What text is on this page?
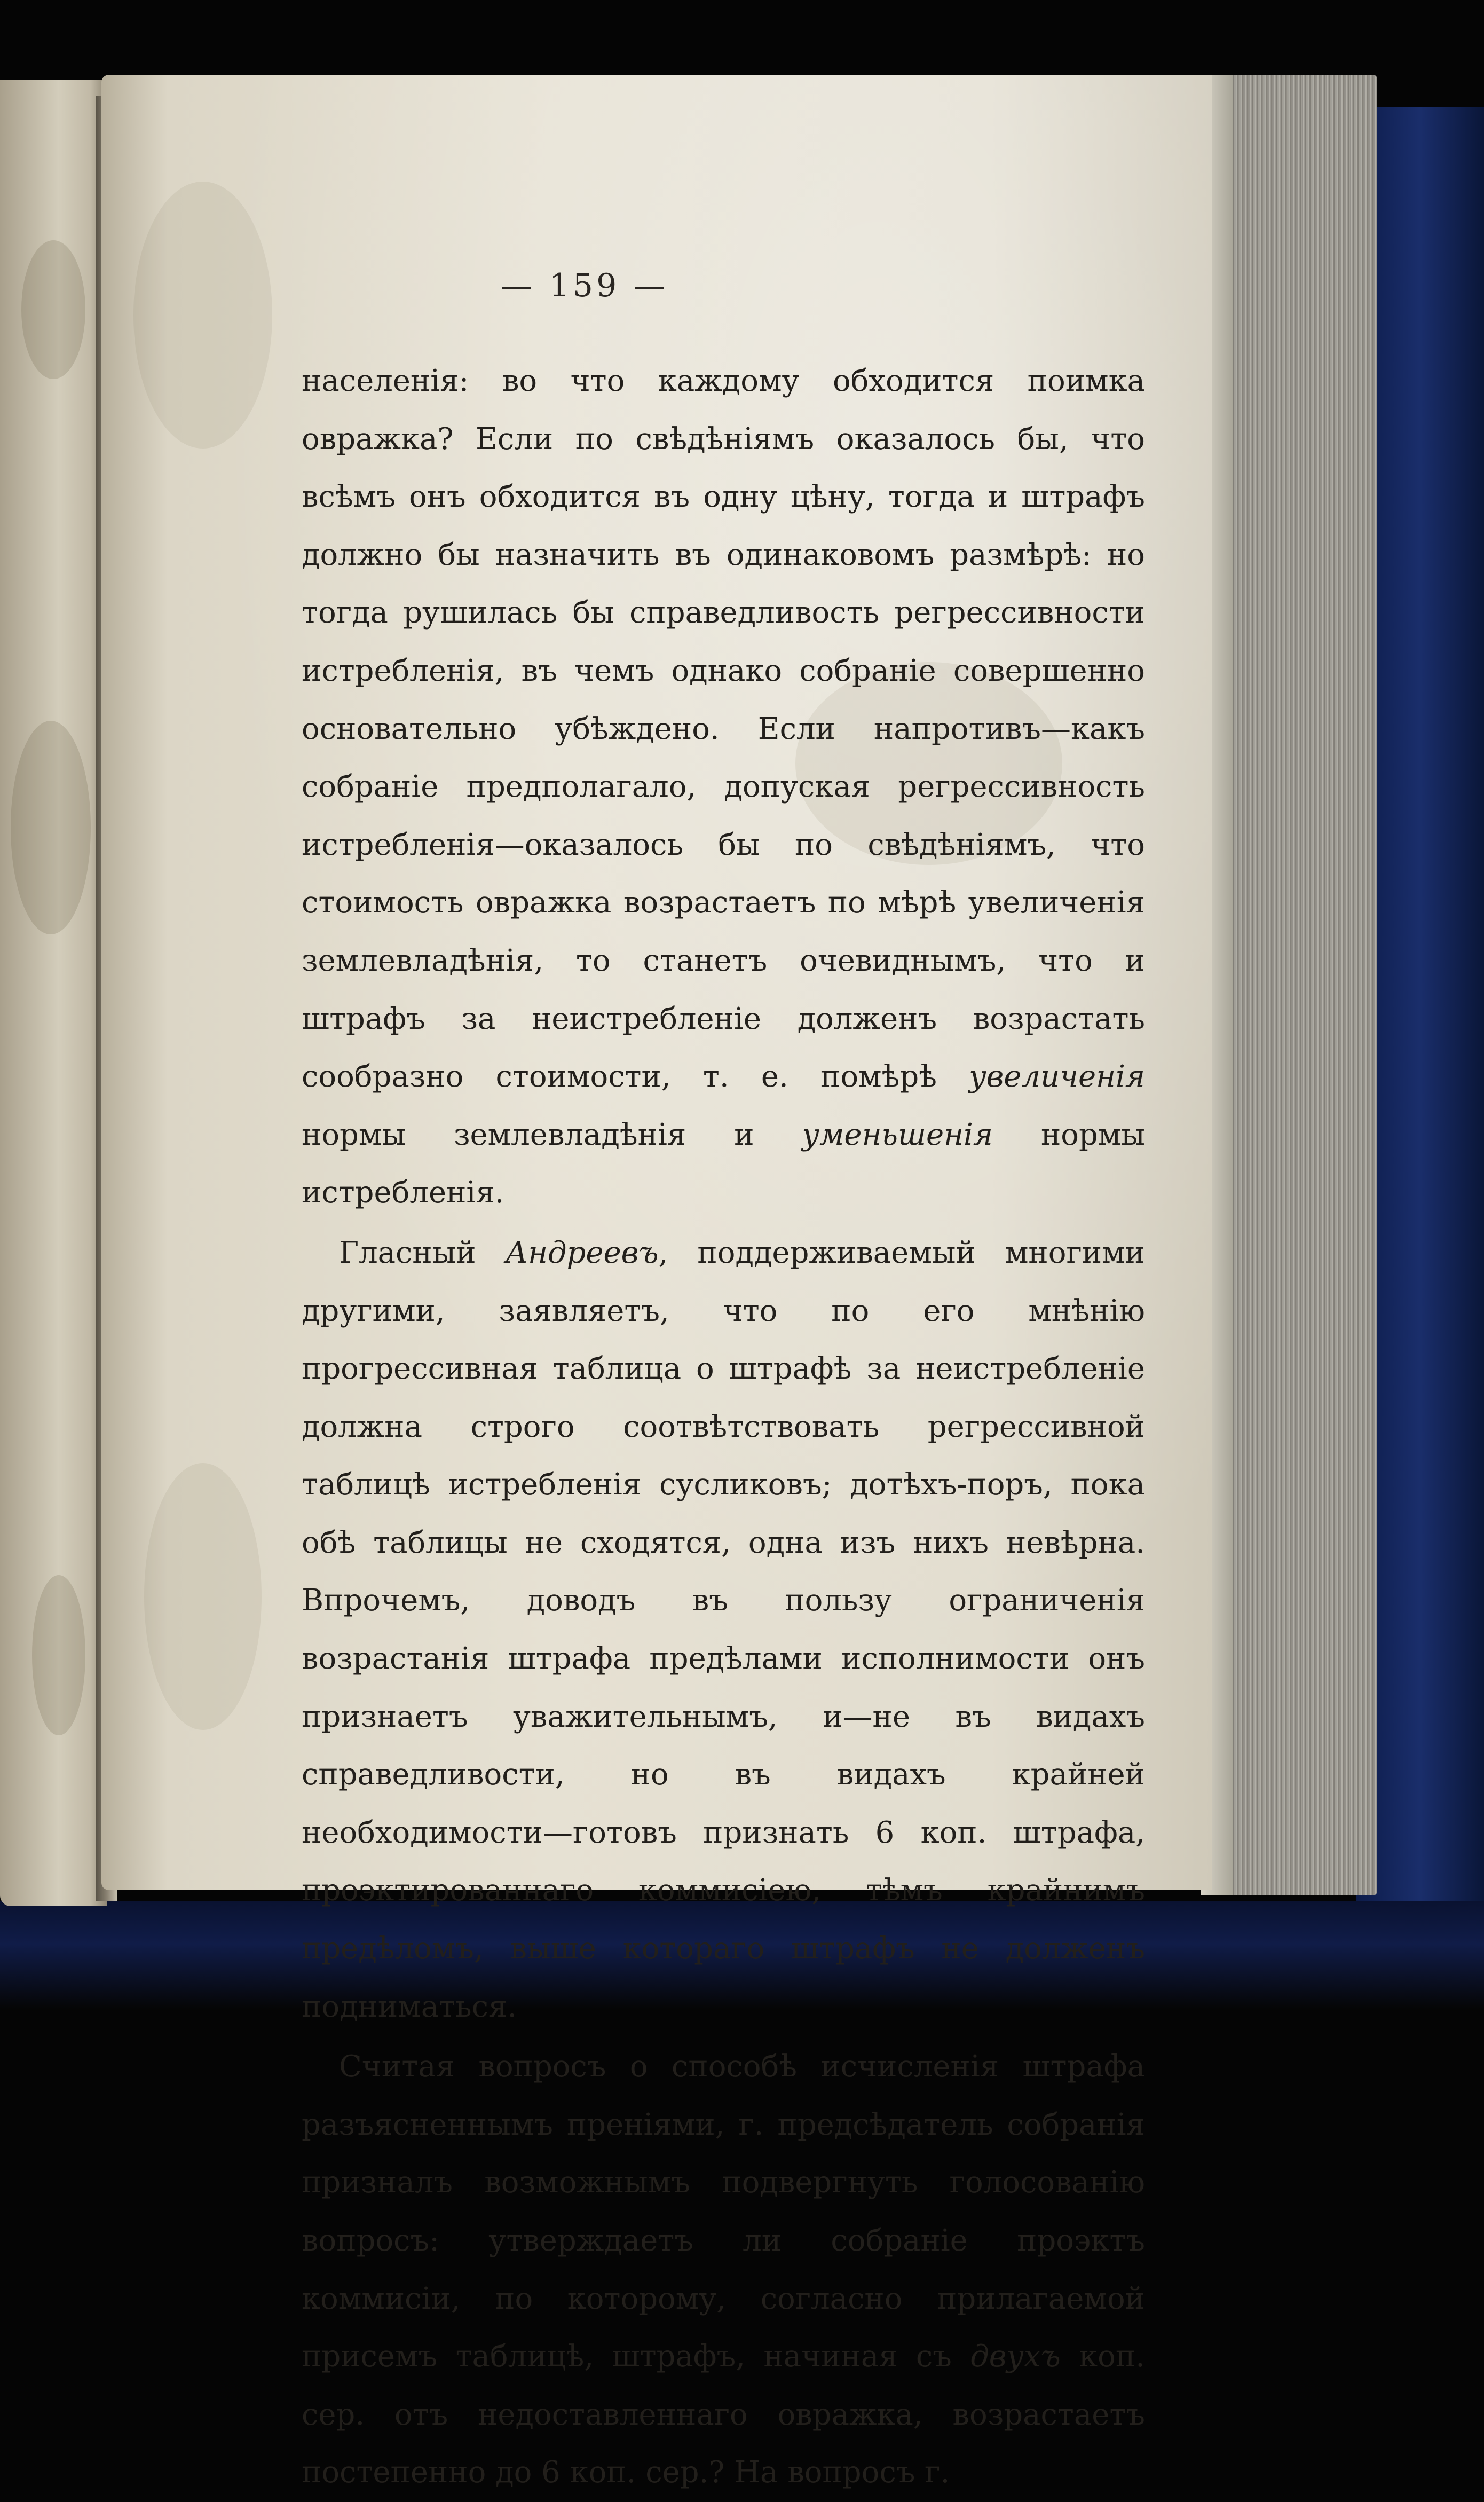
— 159 —

населенія: во что каждому обходится поимка овражка? Если по свѣдѣніямъ оказалось бы, что всѣмъ онъ обходится въ одну цѣну, тогда и штрафъ должно бы назначить въ одинаковомъ размѣрѣ: но тогда рушилась бы справедливость регрессивности истребленія, въ чемъ однако собраніе совершенно основательно убѣждено. Если напротивъ—какъ собраніе предполагало, допуская регрессивность истребленія—оказалось бы по свѣдѣніямъ, что стоимость овражка возрастаетъ по мѣрѣ увеличенія землевладѣнія, то станетъ очевиднымъ, что и штрафъ за неистребленіе долженъ возрастать сообразно стоимости, т. е. помѣрѣ увеличенія нормы землевладѣнія и уменьшенія нормы истребленія.

Гласный Андреевъ, поддерживаемый многими другими, заявляетъ, что по его мнѣнію прогрессивная таблица о штрафѣ за неистребленіе должна строго соотвѣтствовать регрессивной таблицѣ истребленія сусликовъ; дотѣхъ-поръ, пока обѣ таблицы не сходятся, одна изъ нихъ невѣрна. Впрочемъ, доводъ въ пользу ограниченія возрастанія штрафа предѣлами исполнимости онъ признаетъ уважительнымъ, и—не въ видахъ справедливости, но въ видахъ крайней необходимости—готовъ признать 6 коп. штрафа, проэктированнаго коммисіею, тѣмъ крайнимъ предѣломъ, выше котораго штрафъ не долженъ подниматься.

Считая вопросъ о способѣ исчисленія штрафа разъясненнымъ преніями, г. предсѣдатель собранія призналъ возможнымъ подвергнуть голосованію вопросъ: утверждаетъ ли собраніе проэктъ коммисіи, по которому, согласно прилагаемой присемъ таблицѣ, штрафъ, начиная съ двухъ коп. сер. отъ недоставленнаго овражка, возрастаетъ постепенно до 6 коп. сер.? На вопросъ г.
